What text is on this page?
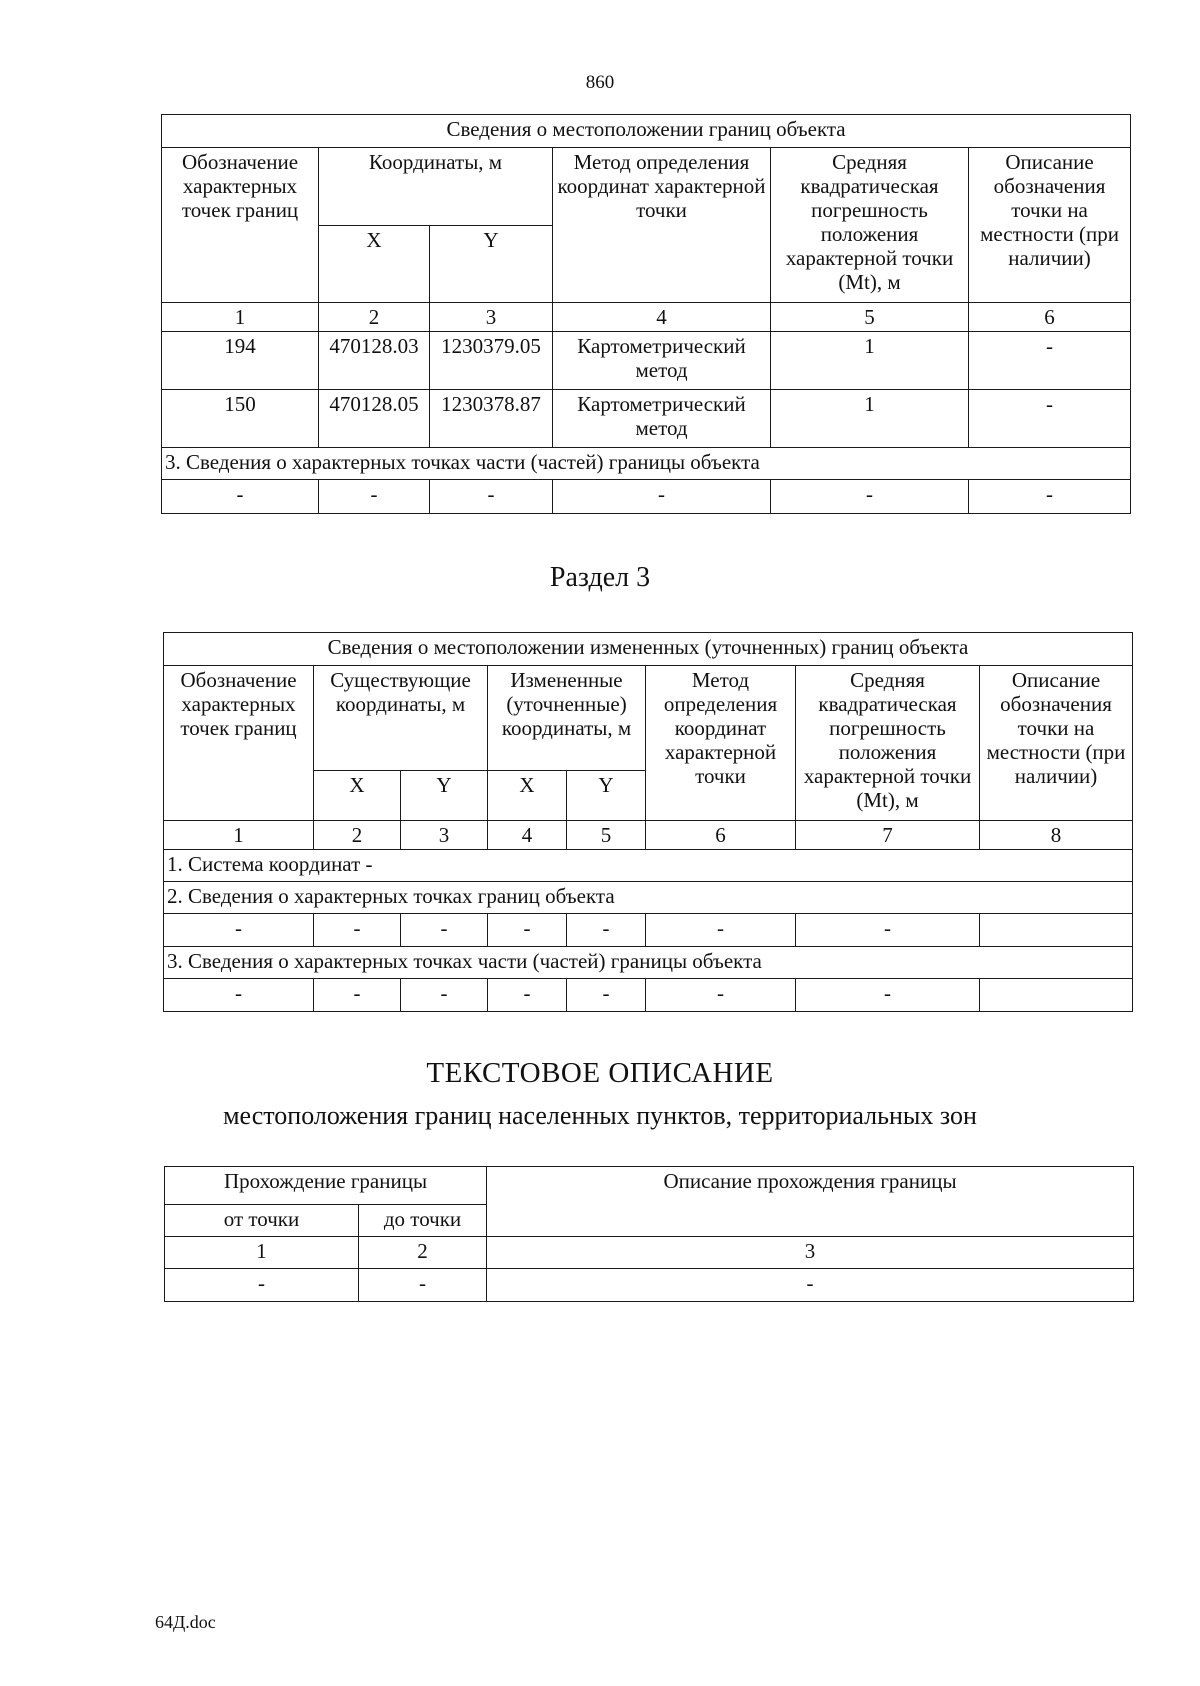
860
Сведения о местоположении границ объекта					
Обозначение характерных точек границ	Координаты, м		Метод определения координат характерной точки	Средняя квадратическая погрешность положения характерной точки (Mt), м	Описание обозначения точки на местности (при наличии)
	X	Y			
1	2	3	4	5	6
194	470128.03	1230379.05	Картометрический метод	1	-
150	470128.05	1230378.87	Картометрический метод	1	-
3. Сведения о характерных точках части (частей) границы объекта					
-	-	-	-	-	-
Раздел 3
Сведения о местоположении измененных (уточненных) границ объекта							
Обозначение характерных точек границ	Существующие координаты, м		Измененные (уточненные) координаты, м		Метод определения координат характерной точки	Средняя квадратическая погрешность положения характерной точки (Mt), м	Описание обозначения точки на местности (при наличии)
	X	Y	X	Y			
1	2	3	4	5	6	7	8
1. Система координат -							
2. Сведения о характерных точках границ объекта							
-	-	-	-	-	-	-	
3. Сведения о характерных точках части (частей) границы объекта							
-	-	-	-	-	-	-	
ТЕКСТОВОЕ ОПИСАНИЕ
местоположения границ населенных пунктов, территориальных зон
Прохождение границы		Описание прохождения границы
от точки	до точки	
1	2	3
-	-	-
64Д.doc
